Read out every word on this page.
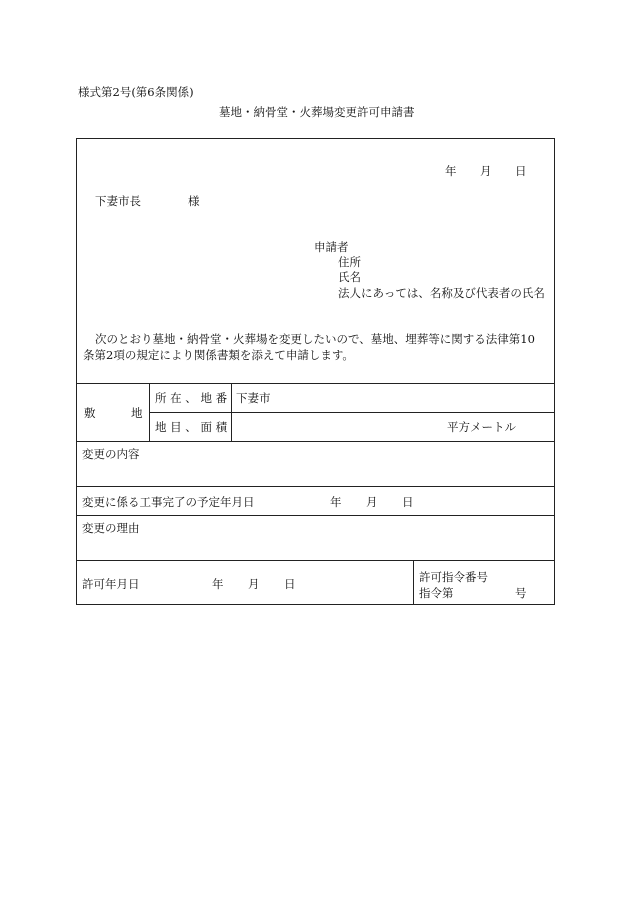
様式第2号(第6条関係)
墓地・納骨堂・火葬場変更許可申請書
年 月 日
下妻市長	様
申請者
住所
氏名
法人にあっては、名称及び代表者の氏名
次のとおり墓地・納骨堂・火葬場を変更したいので、墓地、埋葬等に関する法律第10
条第2項の規定により関係書類を添えて申請します。
敷	地
所 在 、 地 番 下妻市
地 目 、 面 積	平方メートル
変更の内容
変更に係る工事完了の予定年月日	年 月 日
変更の理由
許可年月日	年 月 日	許可指令番号
指令第	号
